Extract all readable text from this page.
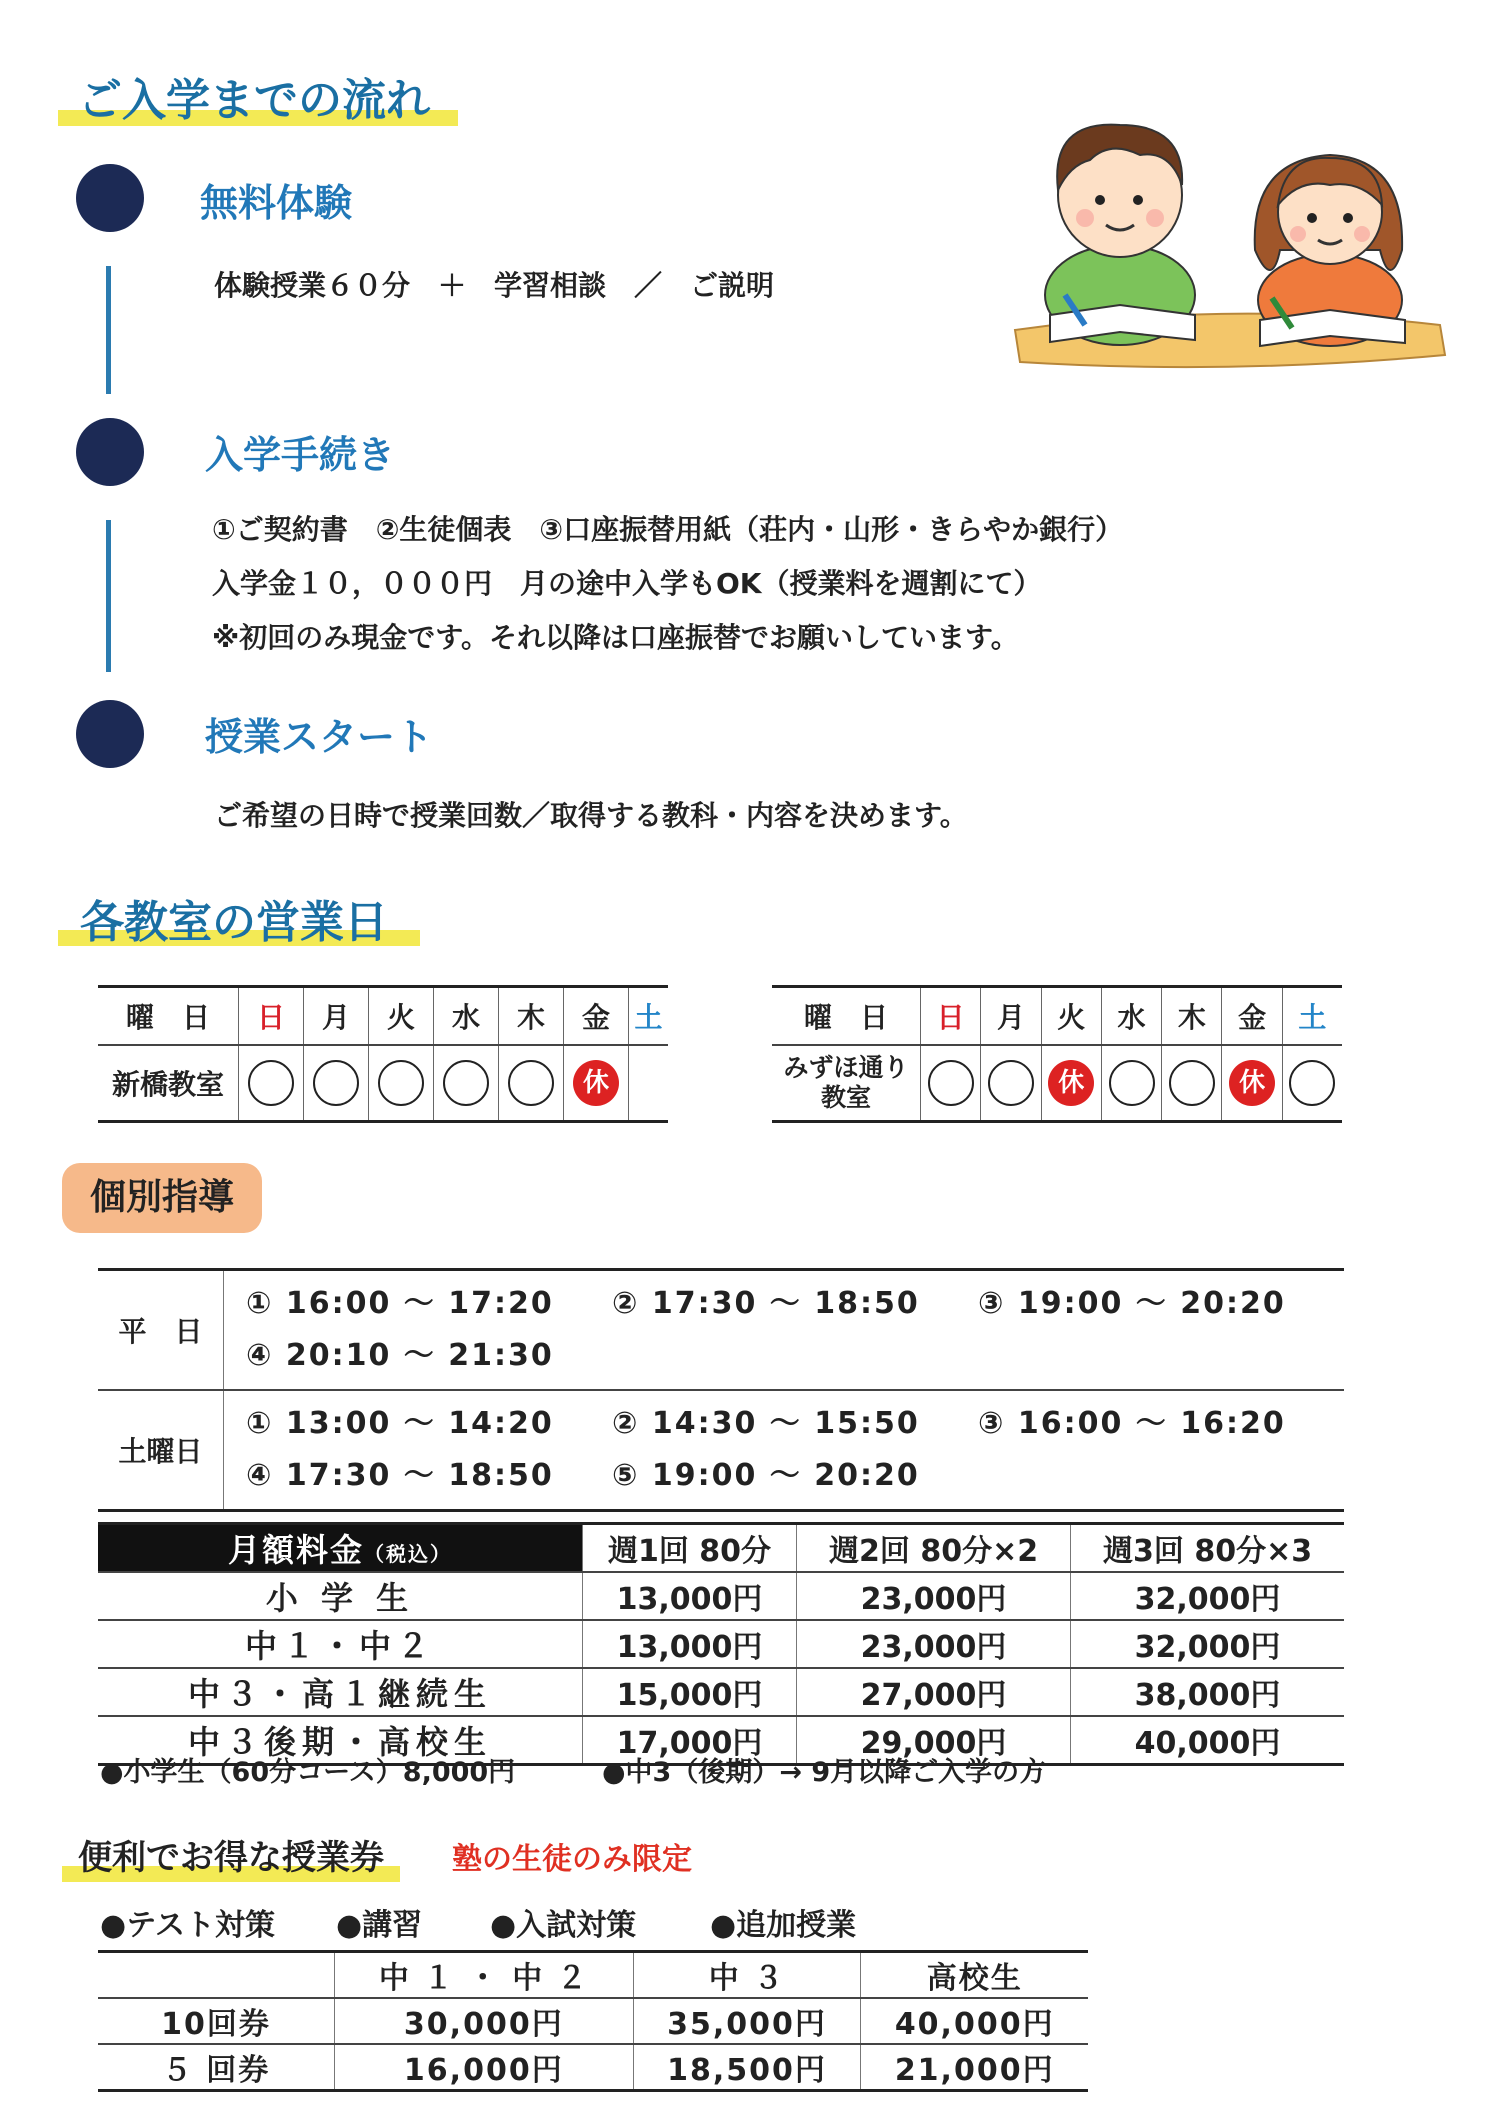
ご入学までの流れ
無料体験
体験授業６０分　＋　学習相談　／　ご説明
入学手続き
①ご契約書　②生徒個表　③口座振替用紙（荘内・山形・きらやか銀行）
入学金１０，０００円　月の途中入学もOK（授業料を週割にて）
※初回のみ現金です。それ以降は口座振替でお願いしています。
授業スタート
ご希望の日時で授業回数／取得する教科・内容を決めます。
各教室の営業日
曜　日	日	月	火	水	木	金	土
新橋教室						休	
曜　日	日	月	火	水	木	金	土

みずほ通り
教室			休			休	
個別指導
平　日	① 16:00 ～ 17:20 ② 17:30 ～ 18:50 ③ 19:00 ～ 20:20
④ 20:10 ～ 21:30
土曜日	① 13:00 ～ 14:20 ② 14:30 ～ 15:50 ③ 16:00 ～ 16:20
④ 17:30 ～ 18:50 ⑤ 19:00 ～ 20:20
月額料金（税込）	週1回 80分	週2回 80分×2	週3回 80分×3
小 学 生	13,000円	23,000円	32,000円
中１・中２	13,000円	23,000円	32,000円
中３・高１継続生	15,000円	27,000円	38,000円
中３後期・高校生	17,000円	29,000円	40,000円
●小学生（60分コース）8,000円	●中3（後期）→ 9月以降ご入学の方
便利でお得な授業券 塾の生徒のみ限定
●テスト対策 ●講習 ●入試対策 ●追加授業
	中 １ ・ 中 ２	中 ３	高校生
10回券	30,000円	35,000円	40,000円
５ 回券	16,000円	18,500円	21,000円
